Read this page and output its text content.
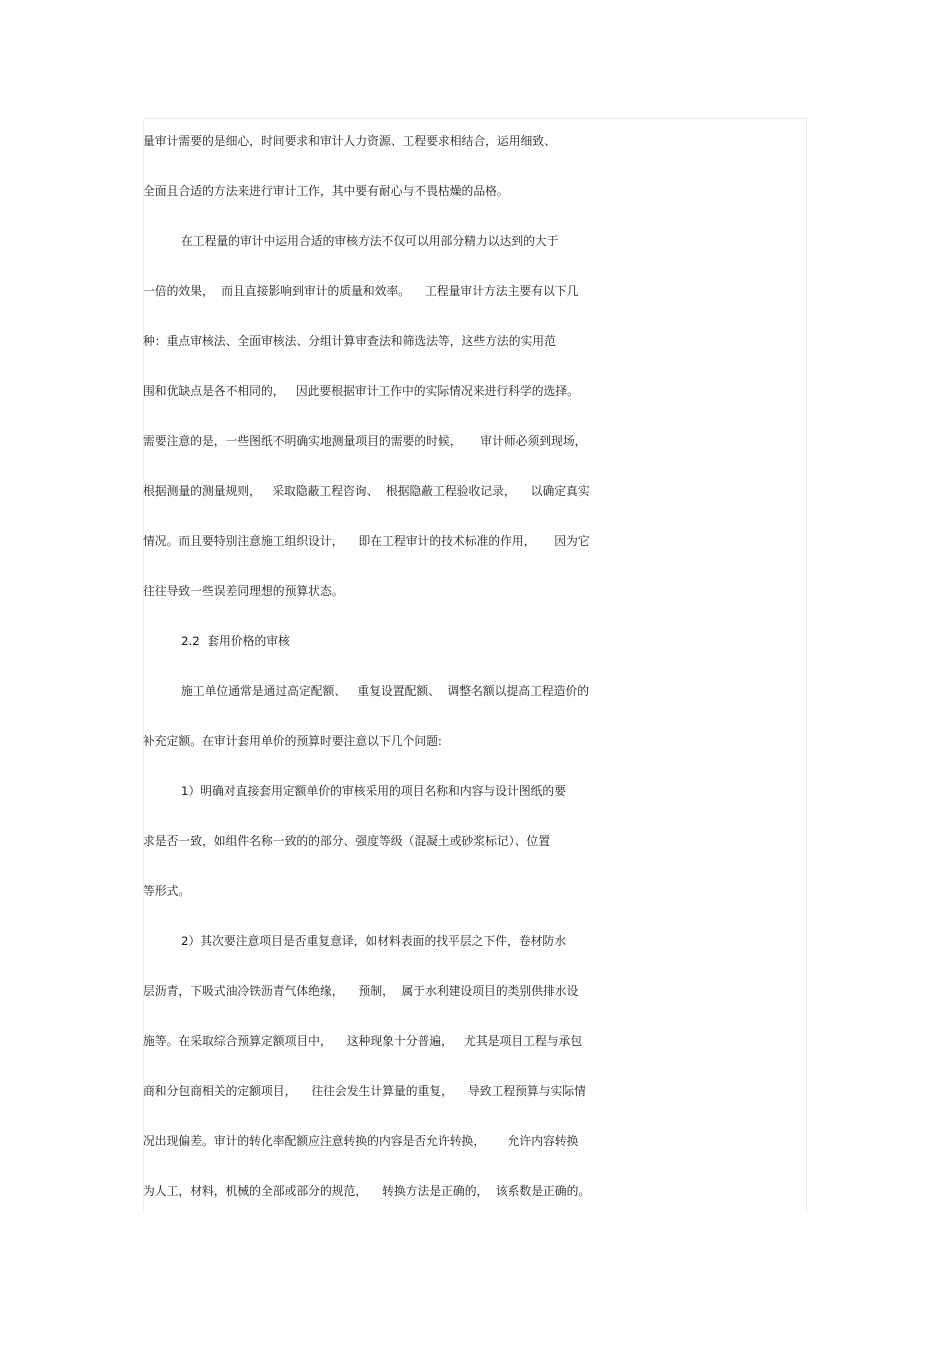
量审计需要的是细心，时间要求和审计人力资源、工程要求相结合，运用细致、
全面且合适的方法来进行审计工作，其中要有耐心与不畏枯燥的品格。
在工程量的审计中运用合适的审核方法不仅可以用部分精力以达到的大于
一倍的效果，  而且直接影响到审计的质量和效率。    工程量审计方法主要有以下几
种：重点审核法、全面审核法、分组计算审查法和筛选法等，这些方法的实用范
围和优缺点是各不相同的，   因此要根据审计工作中的实际情况来进行科学的选择。
需要注意的是，一些图纸不明确实地测量项目的需要的时候，     审计师必须到现场，
根据测量的测量规则，   采取隐蔽工程咨询、  根据隐蔽工程验收记录，    以确定真实
情况。而且要特别注意施工组织设计，    即在工程审计的技术标准的作用，     因为它
往往导致一些误差同理想的预算状态。
2.2  套用价格的审核
施工单位通常是通过高定配额、   重复设置配额、  调整名额以提高工程造价的
补充定额。在审计套用单价的预算时要注意以下几个问题:
1）明确对直接套用定额单价的审核采用的项目名称和内容与设计图纸的要
求是否一致，如组件名称一致的的部分、强度等级（混凝土或砂浆标记）、位置
等形式。
2）其次要注意项目是否重复意译，如材料表面的找平层之下件，卷材防水
层沥青，下吸式油冷铁沥青气体绝缘，    预制，  属于水利建设项目的类别供排水设
施等。在采取综合预算定额项目中，    这种现象十分普遍，   尤其是项目工程与承包
商和分包商相关的定额项目，    往往会发生计算量的重复，    导致工程预算与实际情
况出现偏差。审计的转化率配额应注意转换的内容是否允许转换，      允许内容转换
为人工，材料，机械的全部或部分的规范，    转换方法是正确的，  该系数是正确的。
